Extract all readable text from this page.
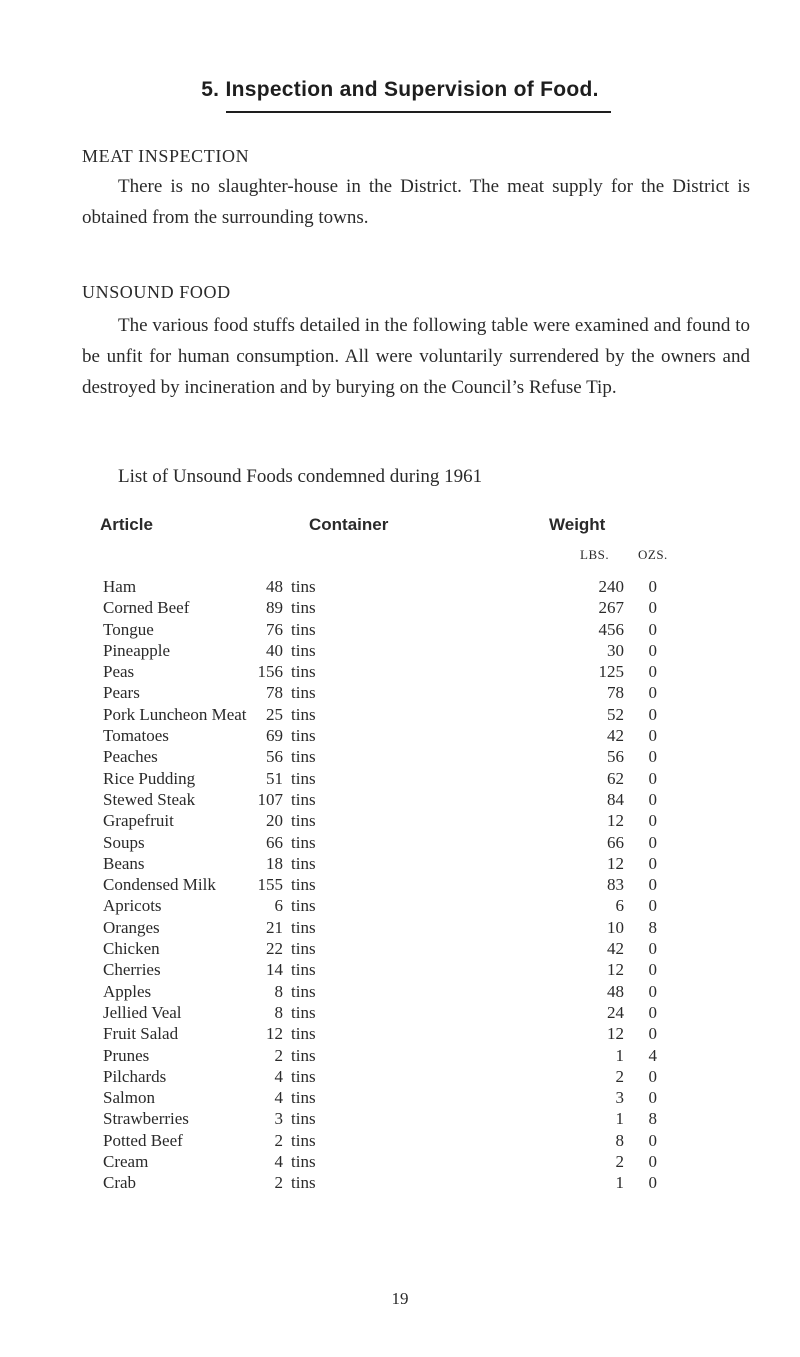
5. Inspection and Supervision of Food.
MEAT INSPECTION
There is no slaughter-house in the District. The meat supply for the District is obtained from the surrounding towns.
UNSOUND FOOD
The various food stuffs detailed in the following table were examined and found to be unfit for human consumption. All were voluntarily surrendered by the owners and destroyed by incineration and by burying on the Council’s Refuse Tip.
List of Unsound Foods condemned during 1961
Article	Container	Weight
LBS. OZS.
Ham	48 tins	240 0
Corned Beef	89 tins	267 0
Tongue	76 tins	456 0
Pineapple	40 tins	30 0
Peas	156 tins	125 0
Pears	78 tins	78 0
Pork Luncheon Meat 25 tins	52 0
Tomatoes	69 tins	42 0
Peaches	56 tins	56 0
Rice Pudding	51 tins	62 0
Stewed Steak	107 tins	84 0
Grapefruit	20 tins	12 0
Soups	66 tins	66 0
Beans	18 tins	12 0
Condensed Milk 155 tins	83 0
Apricots	6 tins	6 0
Oranges	21 tins	10 8
Chicken	22 tins	42 0
Cherries	14 tins	12 0
Apples	8 tins	48 0
Jellied Veal	8 tins	24 0
Fruit Salad	12 tins	12 0
Prunes	2 tins	1 4
Pilchards	4 tins	2 0
Salmon	4 tins	3 0
Strawberries	3 tins	1 8
Potted Beef	2 tins	8 0
Cream	4 tins	2 0
Crab	2 tins	1 0
19
